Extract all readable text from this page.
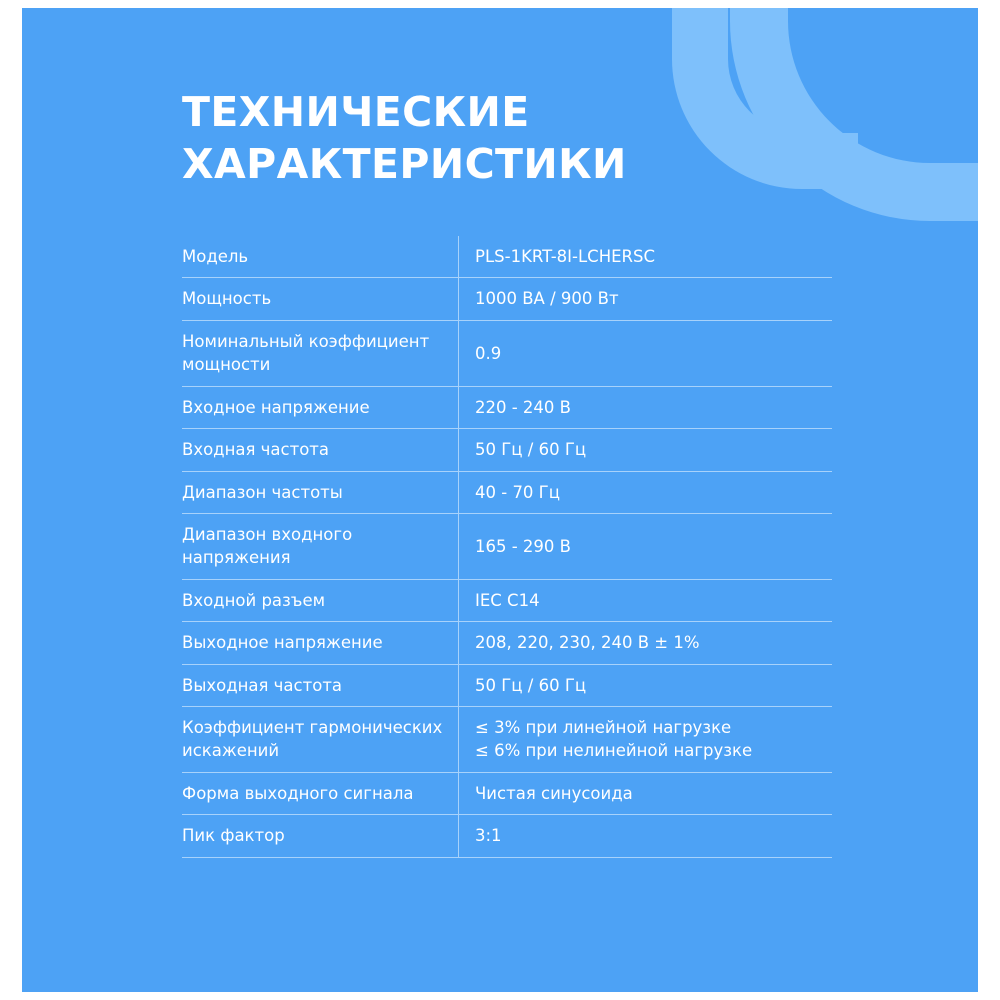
ТЕХНИЧЕСКИЕ
ХАРАКТЕРИСТИКИ
Модель	PLS-1KRT-8I-LCHERSC
Мощность	1000 ВА / 900 Вт
Номинальный коэффициент мощности	0.9
Входное напряжение	220 - 240 В
Входная частота	50 Гц / 60 Гц
Диапазон частоты	40 - 70 Гц
Диапазон входного напряжения	165 - 290 В
Входной разъем	IEC C14
Выходное напряжение	208, 220, 230, 240 В ± 1%
Выходная частота	50 Гц / 60 Гц
Коэффициент гармонических искажений	≤ 3% при линейной нагрузке
≤ 6% при нелинейной нагрузке

Форма выходного сигнала	Чистая синусоида
Пик фактор	3:1
